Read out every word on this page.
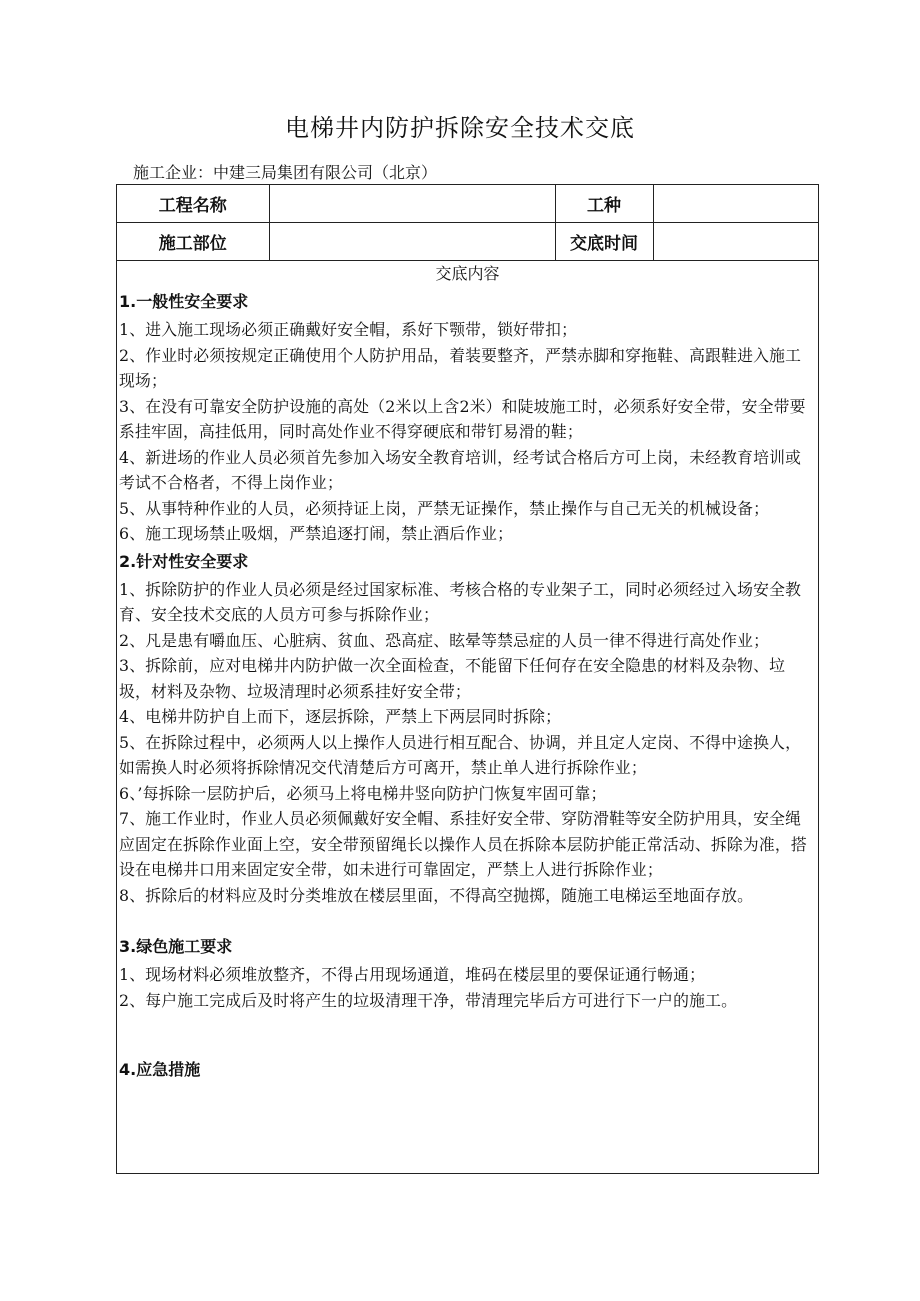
电梯井内防护拆除安全技术交底
施工企业：中建三局集团有限公司（北京）
工程名称		工种	
施工部位		交底时间	
交底内容
1.一般性安全要求
1、进入施工现场必须正确戴好安全帽，系好下颚带，锁好带扣；
2、作业时必须按规定正确使用个人防护用品，着装要整齐，严禁赤脚和穿拖鞋、高跟鞋进入施工现场；
3、在没有可靠安全防护设施的高处（2米以上含2米）和陡坡施工时，必须系好安全带，安全带要系挂牢固，高挂低用，同时高处作业不得穿硬底和带钉易滑的鞋；
4、新进场的作业人员必须首先参加入场安全教育培训，经考试合格后方可上岗，未经教育培训或考试不合格者，不得上岗作业；
5、从事特种作业的人员，必须持证上岗，严禁无证操作，禁止操作与自己无关的机械设备；
6、施工现场禁止吸烟，严禁追逐打闹，禁止酒后作业；
2.针对性安全要求
1、拆除防护的作业人员必须是经过国家标准、考核合格的专业架子工，同时必须经过入场安全教育、安全技术交底的人员方可参与拆除作业；
2、凡是患有嚼血压、心脏病、贫血、恐高症、眩晕等禁忌症的人员一律不得进行高处作业；
3、拆除前，应对电梯井内防护做一次全面检查，不能留下任何存在安全隐患的材料及杂物、垃圾，材料及杂物、垃圾清理时必须系挂好安全带；
4、电梯井防护自上而下，逐层拆除，严禁上下两层同时拆除；
5、在拆除过程中，必须两人以上操作人员进行相互配合、协调，并且定人定岗、不得中途换人，如需换人时必须将拆除情况交代清楚后方可离开，禁止单人进行拆除作业；
6、’每拆除一层防护后，必须马上将电梯井竖向防护门恢复牢固可靠；
7、施工作业时，作业人员必须佩戴好安全帽、系挂好安全带、穿防滑鞋等安全防护用具，安全绳应固定在拆除作业面上空，安全带预留绳长以操作人员在拆除本层防护能正常活动、拆除为准，搭设在电梯井口用来固定安全带，如未进行可靠固定，严禁上人进行拆除作业；
8、拆除后的材料应及时分类堆放在楼层里面，不得高空抛掷，随施工电梯运至地面存放。
3.绿色施工要求
1、现场材料必须堆放整齐，不得占用现场通道，堆码在楼层里的要保证通行畅通；
2、每户施工完成后及时将产生的垃圾清理干净，带清理完毕后方可进行下一户的施工。
4.应急措施
